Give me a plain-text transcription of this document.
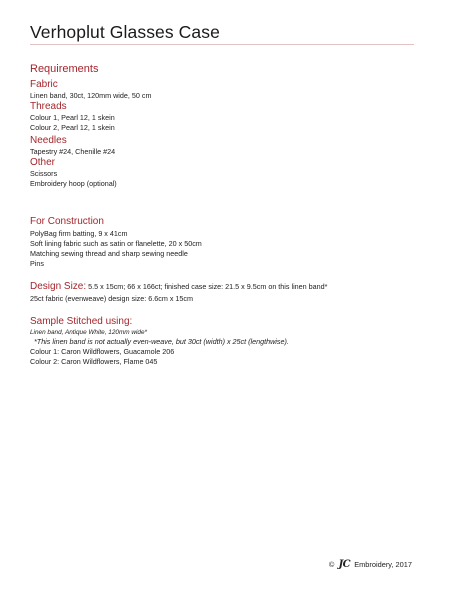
Verhoplut Glasses Case
Requirements
Fabric
Linen band, 30ct, 120mm wide, 50 cm
Threads
Colour 1, Pearl 12, 1 skein
Colour 2, Pearl 12, 1 skein
Needles
Tapestry #24, Chenille #24
Other
Scissors
Embroidery hoop (optional)
For Construction
PolyBag firm batting, 9 x 41cm
Soft lining fabric such as satin or flanelette, 20 x 50cm
Matching sewing thread and sharp sewing needle
Pins
Design Size: 5.5 x 15cm; 66 x 166ct; finished case size: 21.5 x 9.5cm on this linen band*
25ct fabric (evenweave) design size: 6.6cm x 15cm
Sample Stitched using:
Linen band, Antique White, 120mm wide*
*This linen band is not actually even-weave, but 30ct (width) x 25ct (lengthwise).
Colour 1: Caron Wildflowers, Guacamole 206
Colour 2: Caron Wildflowers, Flame 045
© JC Embroidery, 2017
